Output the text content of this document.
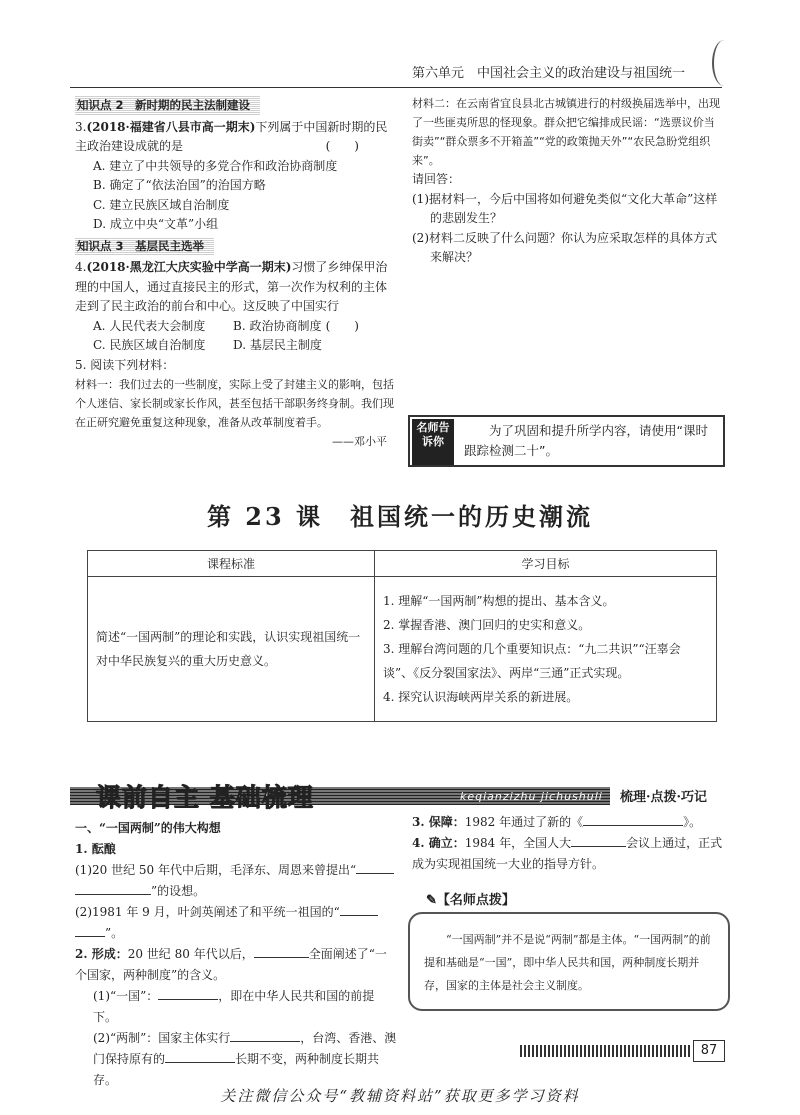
第六单元　中国社会主义的政治建设与祖国统一
知识点 2　新时期的民主法制建设
3.(2018·福建省八县市高一期末)下列属于中国新时期的民主政治建设成就的是	(　　)
A. 建立了中共领导的多党合作和政治协商制度
B. 确定了“依法治国”的治国方略
C. 建立民族区域自治制度
D. 成立中央“文革”小组
知识点 3　基层民主选举
4.(2018·黑龙江大庆实验中学高一期末)习惯了乡绅保甲治理的中国人，通过直接民主的形式，第一次作为权利的主体走到了民主政治的前台和中心。这反映了中国实行
(　　)
A. 人民代表大会制度 B. 政治协商制度
C. 民族区域自治制度 D. 基层民主制度
5. 阅读下列材料：
材料一：我们过去的一些制度，实际上受了封建主义的影响，包括个人迷信、家长制或家长作风，甚至包括干部职务终身制。我们现在正研究避免重复这种现象，准备从改革制度着手。
——邓小平
材料二：在云南省宜良县北古城镇进行的村级换届选举中，出现了一些匪夷所思的怪现象。群众把它编排成民谣：“选票议价当街卖”“群众票多不开箱盖”“党的政策抛天外”“农民急盼党组织来”。
请回答：
(1)据材料一，今后中国将如何避免类似“文化大革命”这样的悲剧发生？
(2)材料二反映了什么问题？你认为应采取怎样的具体方式来解决？
名师告诉你
为了巩固和提升所学内容，请使用“课时跟踪检测二十”。
第 23 课　祖国统一的历史潮流
课程标准	学习目标
简述“一国两制”的理论和实践，认识实现祖国统一对中华民族复兴的重大历史意义。	1. 理解“一国两制”构想的提出、基本含义。
2. 掌握香港、澳门回归的史实和意义。
3. 理解台湾问题的几个重要知识点：“九二共识”“汪辜会谈”、《反分裂国家法》、两岸“三通”正式实现。
4. 探究认识海峡两岸关系的新进展。
课前自主 基础梳理	keqianzizhu jichushuli 梳理·点拨·巧记
一、“一国两制”的伟大构想
1. 酝酿
(1)20 世纪 50 年代中后期，毛泽东、周恩来曾提出“
”的设想。
(2)1981 年 9 月，叶剑英阐述了和平统一祖国的“
”。
2. 形成：20 世纪 80 年代以后，	全面阐述了“一个国家，两种制度”的含义。
(1)“一国”：	，即在中华人民共和国的前提下。
(2)“两制”：国家主体实行	，台湾、香港、澳门保持原有的	长期不变，两种制度长期共存。
3. 保障：1982 年通过了新的《	》。
4. 确立：1984 年，全国人大	会议上通过，正式成为实现祖国统一大业的指导方针。
“一国两制”并不是说“两制”都是主体。“一国两制”的前提和基础是“一国”，即中华人民共和国，两种制度长期并存，国家的主体是社会主义制度。
✎【名师点拨】
87
关注微信公众号“教辅资料站”获取更多学习资料
